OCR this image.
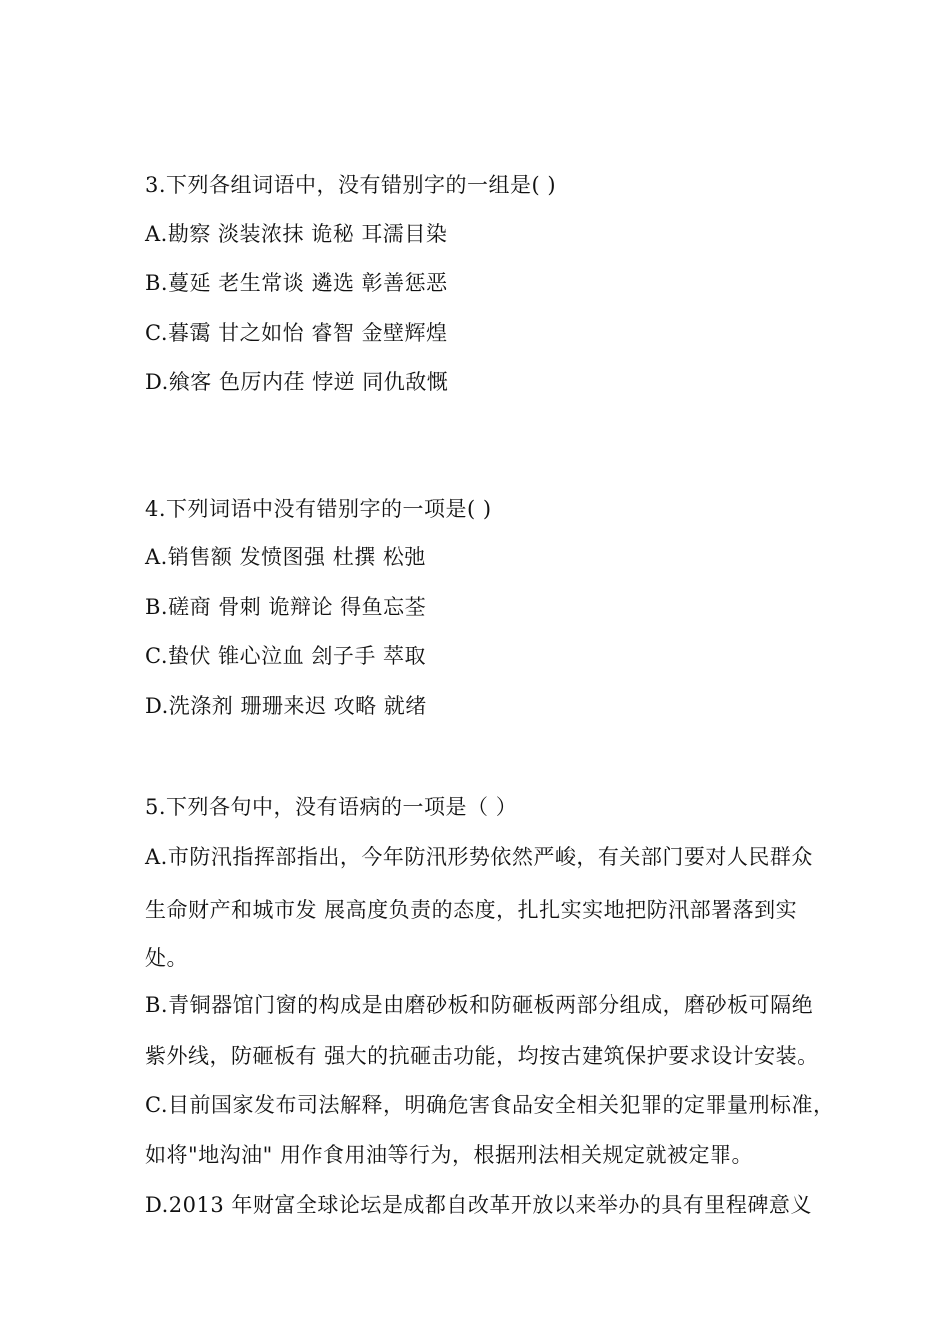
3.下列各组词语中，没有错别字的一组是( )
A.勘察 淡装浓抹 诡秘 耳濡目染
B.蔓延 老生常谈 遴选 彰善惩恶
C.暮霭 甘之如怡 睿智 金壁辉煌
D.飨客 色厉内荏 悖逆 同仇敌慨
4.下列词语中没有错别字的一项是( )
A.销售额 发愤图强 杜撰 松弛
B.磋商 骨刺 诡辩论 得鱼忘荃
C.蛰伏 锥心泣血 刽子手 萃取
D.洗涤剂 珊珊来迟 攻略 就绪
5.下列各句中，没有语病的一项是（ ）
A.市防汛指挥部指出，今年防汛形势依然严峻，有关部门要对人民群众
生命财产和城市发 展高度负责的态度，扎扎实实地把防汛部署落到实
处。
B.青铜器馆门窗的构成是由磨砂板和防砸板两部分组成，磨砂板可隔绝
紫外线，防砸板有 强大的抗砸击功能，均按古建筑保护要求设计安装。
C.目前国家发布司法解释，明确危害食品安全相关犯罪的定罪量刑标准，
如将"地沟油" 用作食用油等行为，根据刑法相关规定就被定罪。
D.2013 年财富全球论坛是成都自改革开放以来举办的具有里程碑意义
